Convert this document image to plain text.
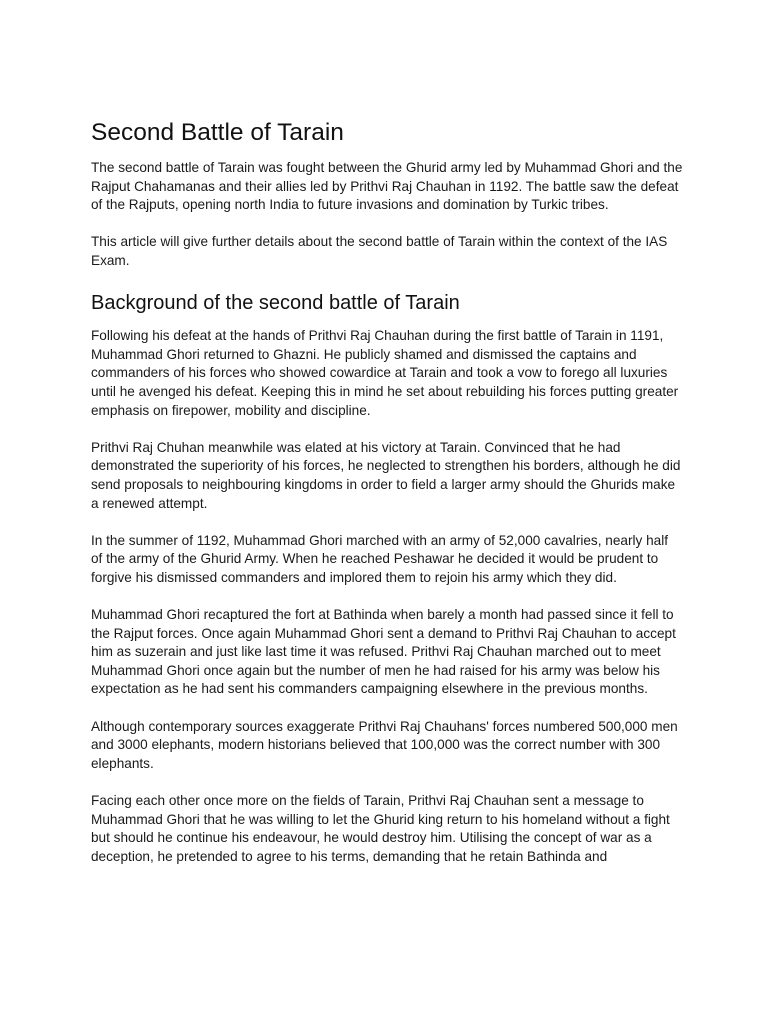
Second Battle of Tarain

The second battle of Tarain was fought between the Ghurid army led by Muhammad Ghori and the Rajput Chahamanas and their allies led by Prithvi Raj Chauhan in 1192. The battle saw the defeat of the Rajputs, opening north India to future invasions and domination by Turkic tribes.

This article will give further details about the second battle of Tarain within the context of the IAS Exam.

Background of the second battle of Tarain

Following his defeat at the hands of Prithvi Raj Chauhan during the first battle of Tarain in 1191, Muhammad Ghori returned to Ghazni. He publicly shamed and dismissed the captains and commanders of his forces who showed cowardice at Tarain and took a vow to forego all luxuries until he avenged his defeat. Keeping this in mind he set about rebuilding his forces putting greater emphasis on firepower, mobility and discipline.

Prithvi Raj Chuhan meanwhile was elated at his victory at Tarain. Convinced that he had demonstrated the superiority of his forces, he neglected to strengthen his borders, although he did send proposals to neighbouring kingdoms in order to field a larger army should the Ghurids make a renewed attempt.

In the summer of 1192, Muhammad Ghori marched with an army of 52,000 cavalries, nearly half of the army of the Ghurid Army. When he reached Peshawar he decided it would be prudent to forgive his dismissed commanders and implored them to rejoin his army which they did.

Muhammad Ghori recaptured the fort at Bathinda when barely a month had passed since it fell to the Rajput forces. Once again Muhammad Ghori sent a demand to Prithvi Raj Chauhan to accept him as suzerain and just like last time it was refused. Prithvi Raj Chauhan marched out to meet Muhammad Ghori once again but the number of men he had raised for his army was below his expectation as he had sent his commanders campaigning elsewhere in the previous months.

Although contemporary sources exaggerate Prithvi Raj Chauhans' forces numbered 500,000 men and 3000 elephants, modern historians believed that 100,000 was the correct number with 300 elephants.

Facing each other once more on the fields of Tarain, Prithvi Raj Chauhan sent a message to Muhammad Ghori that he was willing to let the Ghurid king return to his homeland without a fight but should he continue his endeavour, he would destroy him. Utilising the concept of war as a deception, he pretended to agree to his terms, demanding that he retain Bathinda and
